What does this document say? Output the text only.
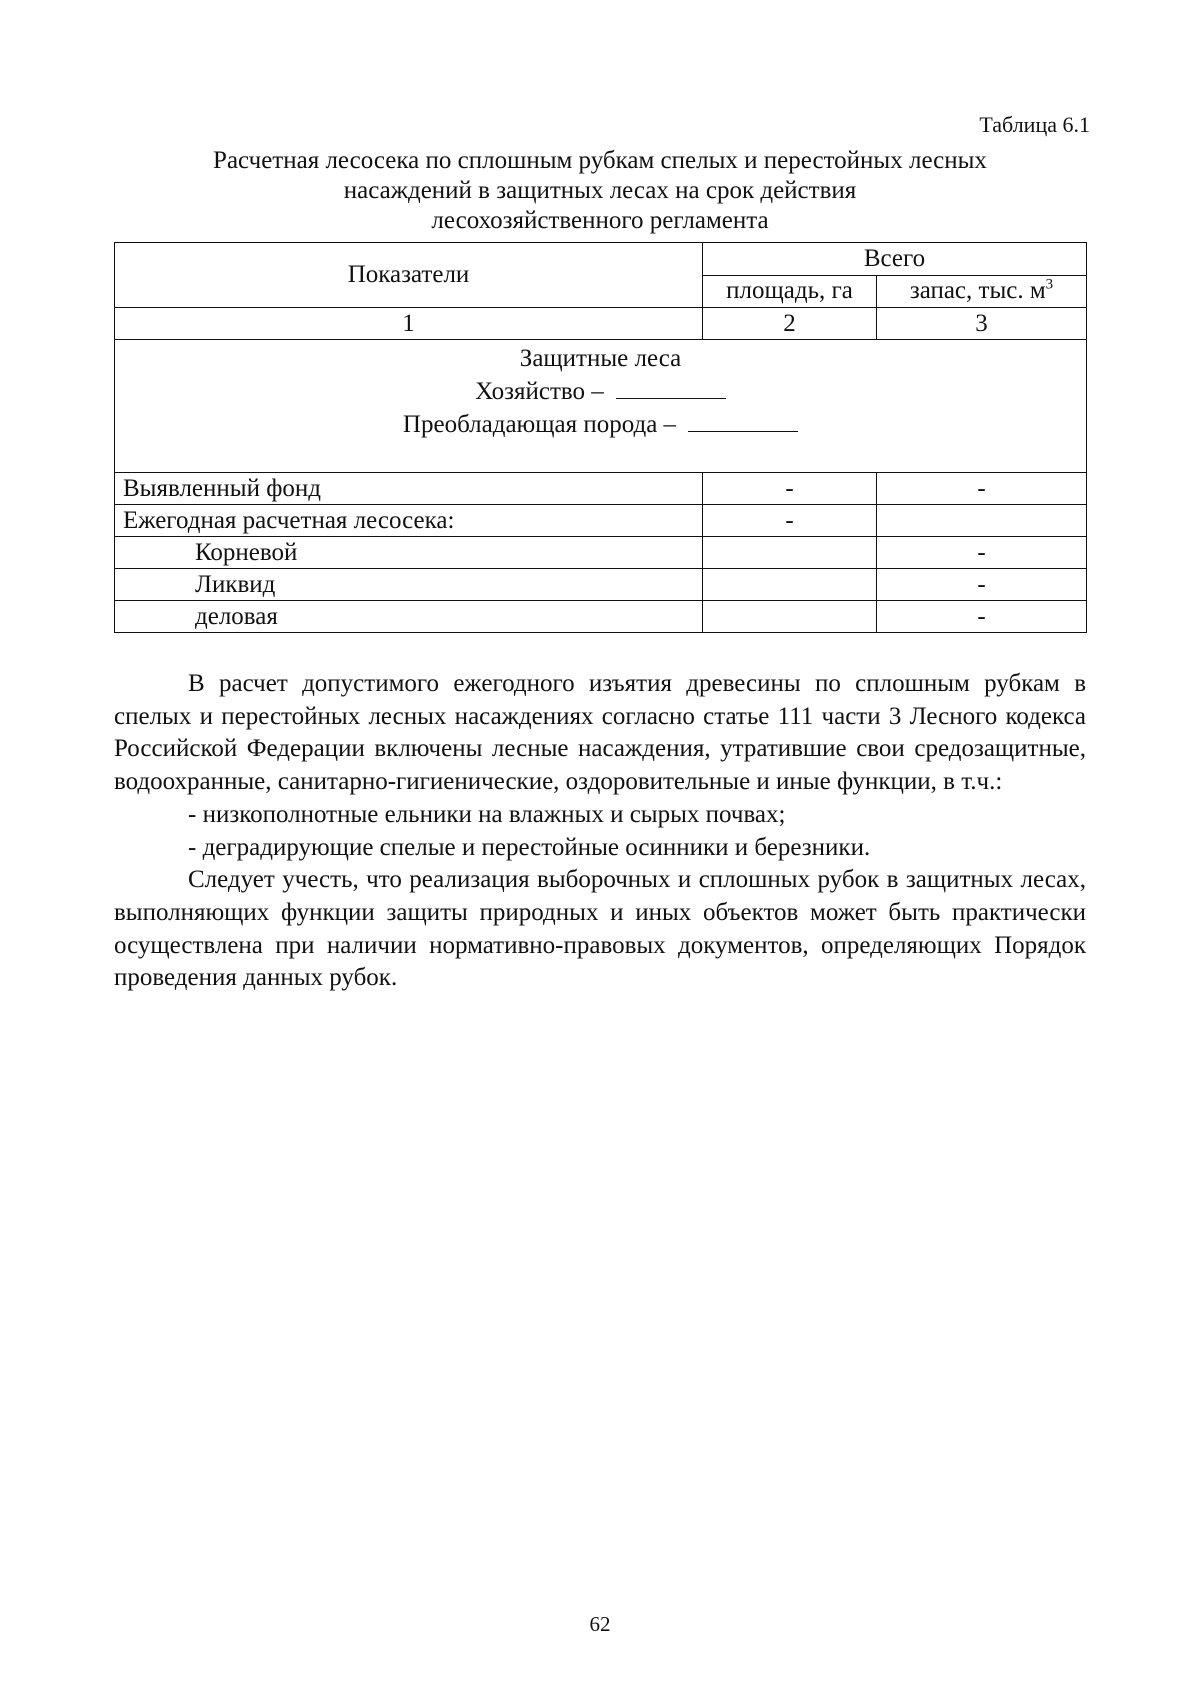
Таблица 6.1
Расчетная лесосека по сплошным рубкам спелых и перестойных лесных
насаждений в защитных лесах на срок действия
лесохозяйственного регламента
Показатели	Всего	
	площадь, га	запас, тыс. $м^3$
1	2	3

Защитные леса
Хозяйство –
Преобладающая порода –		

Выявленный фонд	-	-
Ежегодная расчетная лесосека:	-	
Корневой		-
Ликвид		-
деловая		-

В расчет допустимого ежегодного изъятия древесины по сплошным рубкам в спелых и перестойных лесных насаждениях согласно статье 111 части 3 Лесного кодекса Российской Федерации включены лесные насаждения, утратившие свои средозащитные, водоохранные, санитарно-гигиенические, оздоровительные и иные функции, в т.ч.:

- низкополнотные ельники на влажных и сырых почвах;

- деградирующие спелые и перестойные осинники и березники.

Следует учесть, что реализация выборочных и сплошных рубок в защитных лесах, выполняющих функции защиты природных и иных объектов может быть практически осуществлена при наличии нормативно-правовых документов, определяющих Порядок проведения данных рубок.

62
